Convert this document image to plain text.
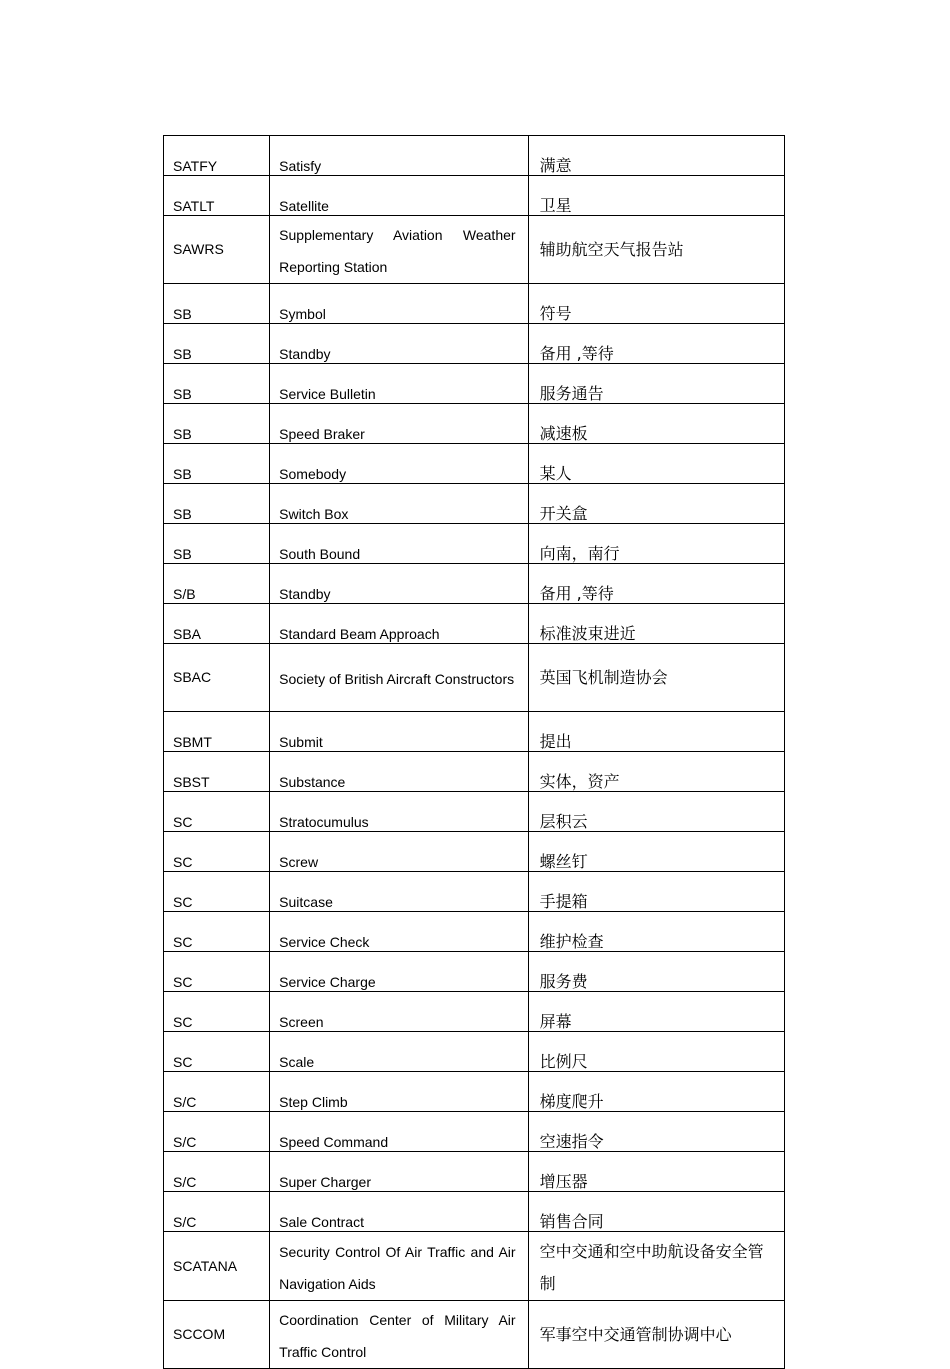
SATFY	Satisfy	满意
SATLT	Satellite	卫星
SAWRS	Supplementary Aviation Weather Reporting Station	辅助航空天气报告站
SB	Symbol	符号
SB	Standby	备用 ,等待
SB	Service Bulletin	服务通告
SB	Speed Braker	减速板
SB	Somebody	某人
SB	Switch Box	开关盒
SB	South Bound	向南，南行
S/B	Standby	备用 ,等待
SBA	Standard Beam Approach	标准波束进近
SBAC	Society of British Aircraft Constructors	英国飞机制造协会
SBMT	Submit	提出
SBST	Substance	实体，资产
SC	Stratocumulus	层积云
SC	Screw	螺丝钉
SC	Suitcase	手提箱
SC	Service Check	维护检查
SC	Service Charge	服务费
SC	Screen	屏幕
SC	Scale	比例尺
S/C	Step Climb	梯度爬升
S/C	Speed Command	空速指令
S/C	Super Charger	增压器
S/C	Sale Contract	销售合同
SCATANA	Security Control Of Air Traffic and Air Navigation Aids	空中交通和空中助航设备安全管制
SCCOM	Coordination Center of Military Air Traffic Control	军事空中交通管制协调中心
